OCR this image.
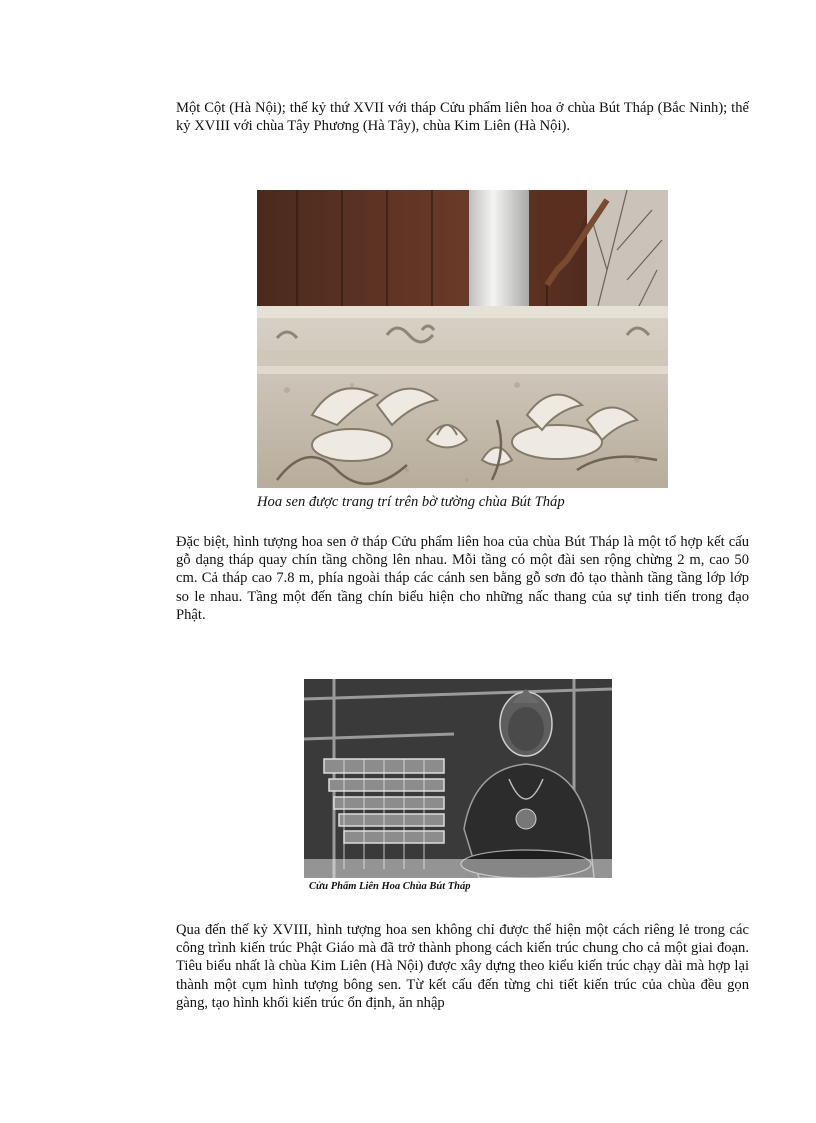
Một Cột (Hà Nội); thế kỷ thứ XVII với tháp Cửu phẩm liên hoa ở chùa Bút Tháp (Bắc Ninh); thế kỷ XVIII với chùa Tây Phương (Hà Tây), chùa Kim Liên (Hà Nội).

Hoa sen được trang trí trên bờ tường chùa Bút Tháp

Đặc biệt, hình tượng hoa sen ở tháp Cửu phẩm liên hoa của chùa Bút Tháp là một tổ hợp kết cấu gỗ dạng tháp quay chín tầng chồng lên nhau. Mỗi tầng có một đài sen rộng chừng 2 m, cao 50 cm. Cả tháp cao 7.8 m, phía ngoài tháp các cánh sen bằng gỗ sơn đỏ tạo thành tầng tầng lớp lớp so le nhau. Tầng một đến tầng chín biểu hiện cho những nấc thang của sự tinh tiến trong đạo Phật.

Cửu Phẩm Liên Hoa Chùa Bút Tháp

Qua đến thế kỷ XVIII, hình tượng hoa sen không chỉ được thể hiện một cách riêng lẻ trong các công trình kiến trúc Phật Giáo mà đã trở thành phong cách kiến trúc chung cho cả một giai đoạn. Tiêu biểu nhất là chùa Kim Liên (Hà Nội) được xây dựng theo kiểu kiến trúc chạy dài mà hợp lại thành một cụm hình tượng bông sen. Từ kết cấu đến từng chi tiết kiến trúc của chùa đều gọn gàng, tạo hình khối kiến trúc ổn định, ăn nhập
